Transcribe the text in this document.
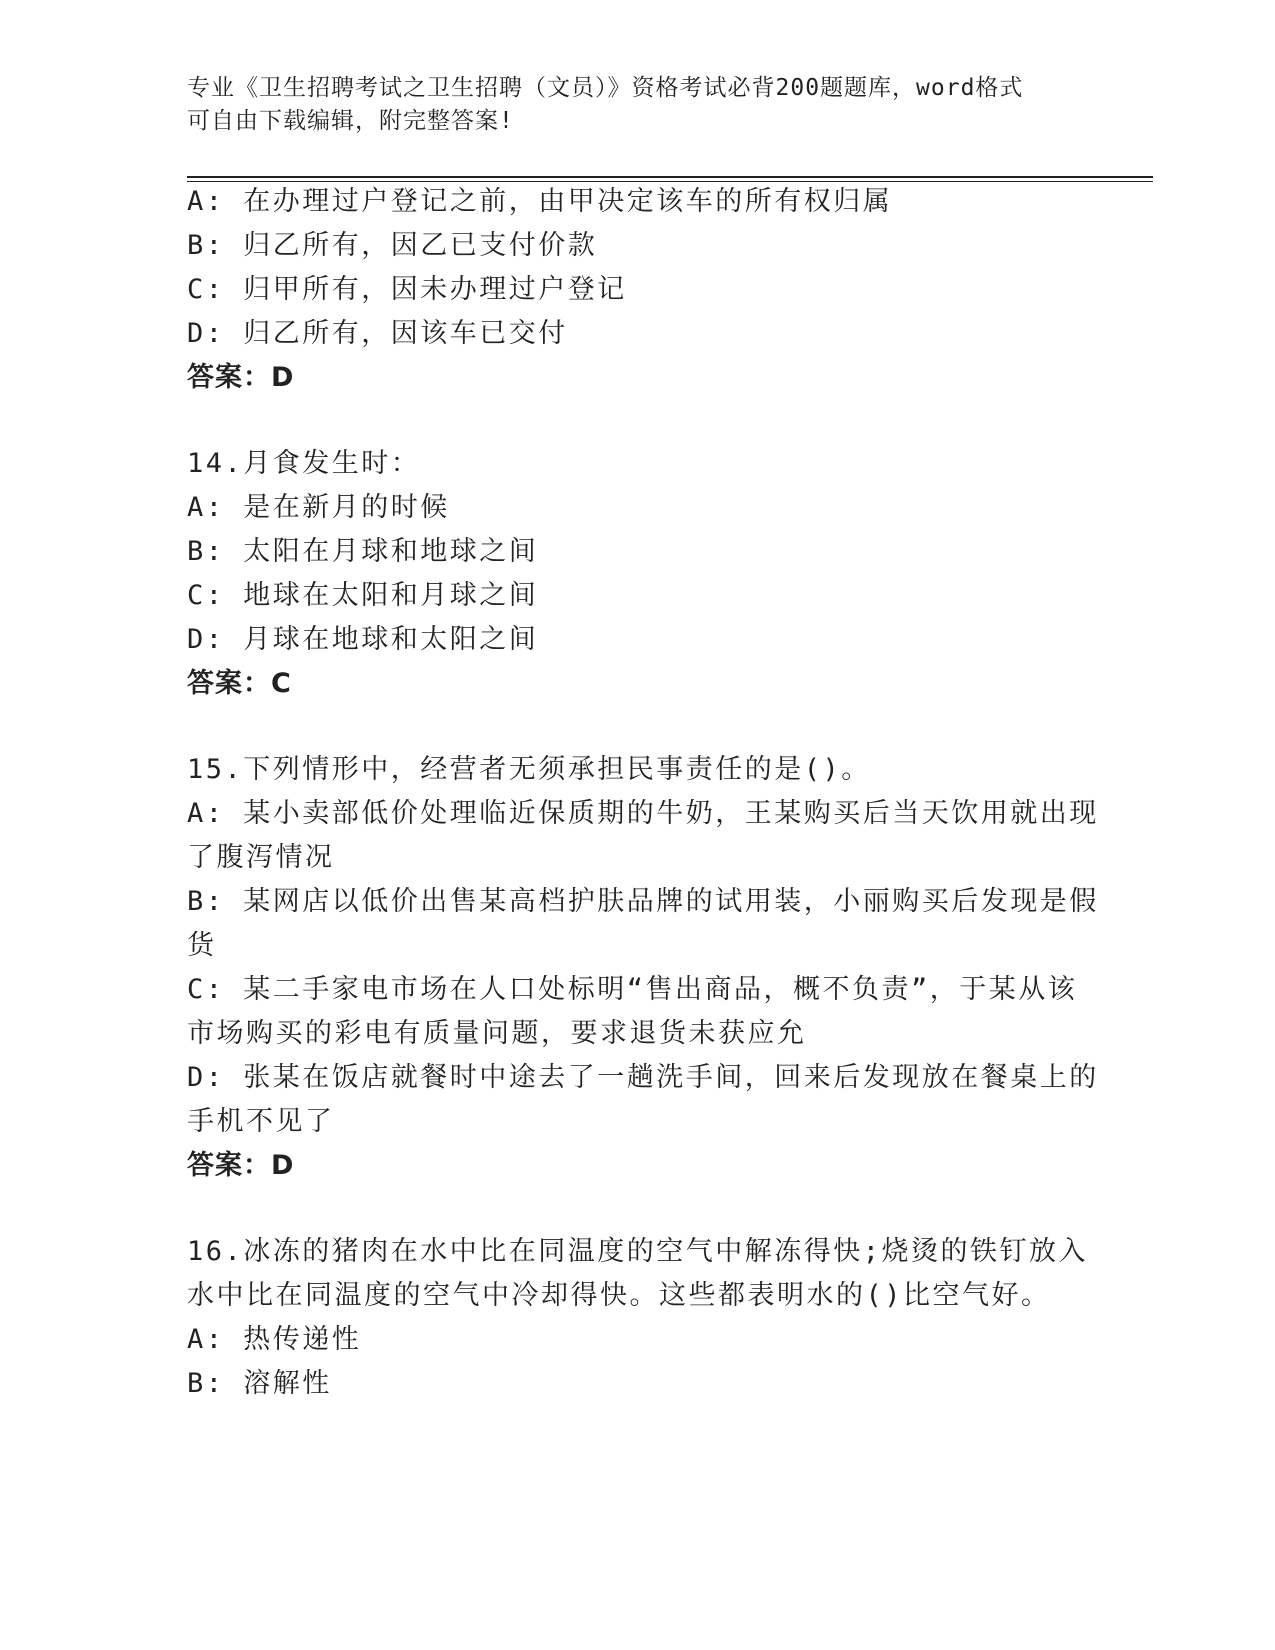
专业《卫生招聘考试之卫生招聘（文员）》资格考试必背200题题库，word格式
可自由下载编辑，附完整答案!
A: 在办理过户登记之前，由甲决定该车的所有权归属
B: 归乙所有，因乙已支付价款
C: 归甲所有，因未办理过户登记
D: 归乙所有，因该车已交付
答案：D
14.月食发生时：
A: 是在新月的时候
B: 太阳在月球和地球之间
C: 地球在太阳和月球之间
D: 月球在地球和太阳之间
答案：C
15.下列情形中，经营者无须承担民事责任的是()。
A: 某小卖部低价处理临近保质期的牛奶，王某购买后当天饮用就出现
了腹泻情况
B: 某网店以低价出售某高档护肤品牌的试用装，小丽购买后发现是假
货
C: 某二手家电市场在人口处标明“售出商品，概不负责”，于某从该
市场购买的彩电有质量问题，要求退货未获应允
D: 张某在饭店就餐时中途去了一趟洗手间，回来后发现放在餐桌上的
手机不见了
答案：D
16.冰冻的猪肉在水中比在同温度的空气中解冻得快;烧烫的铁钉放入
水中比在同温度的空气中冷却得快。这些都表明水的()比空气好。
A: 热传递性
B: 溶解性
